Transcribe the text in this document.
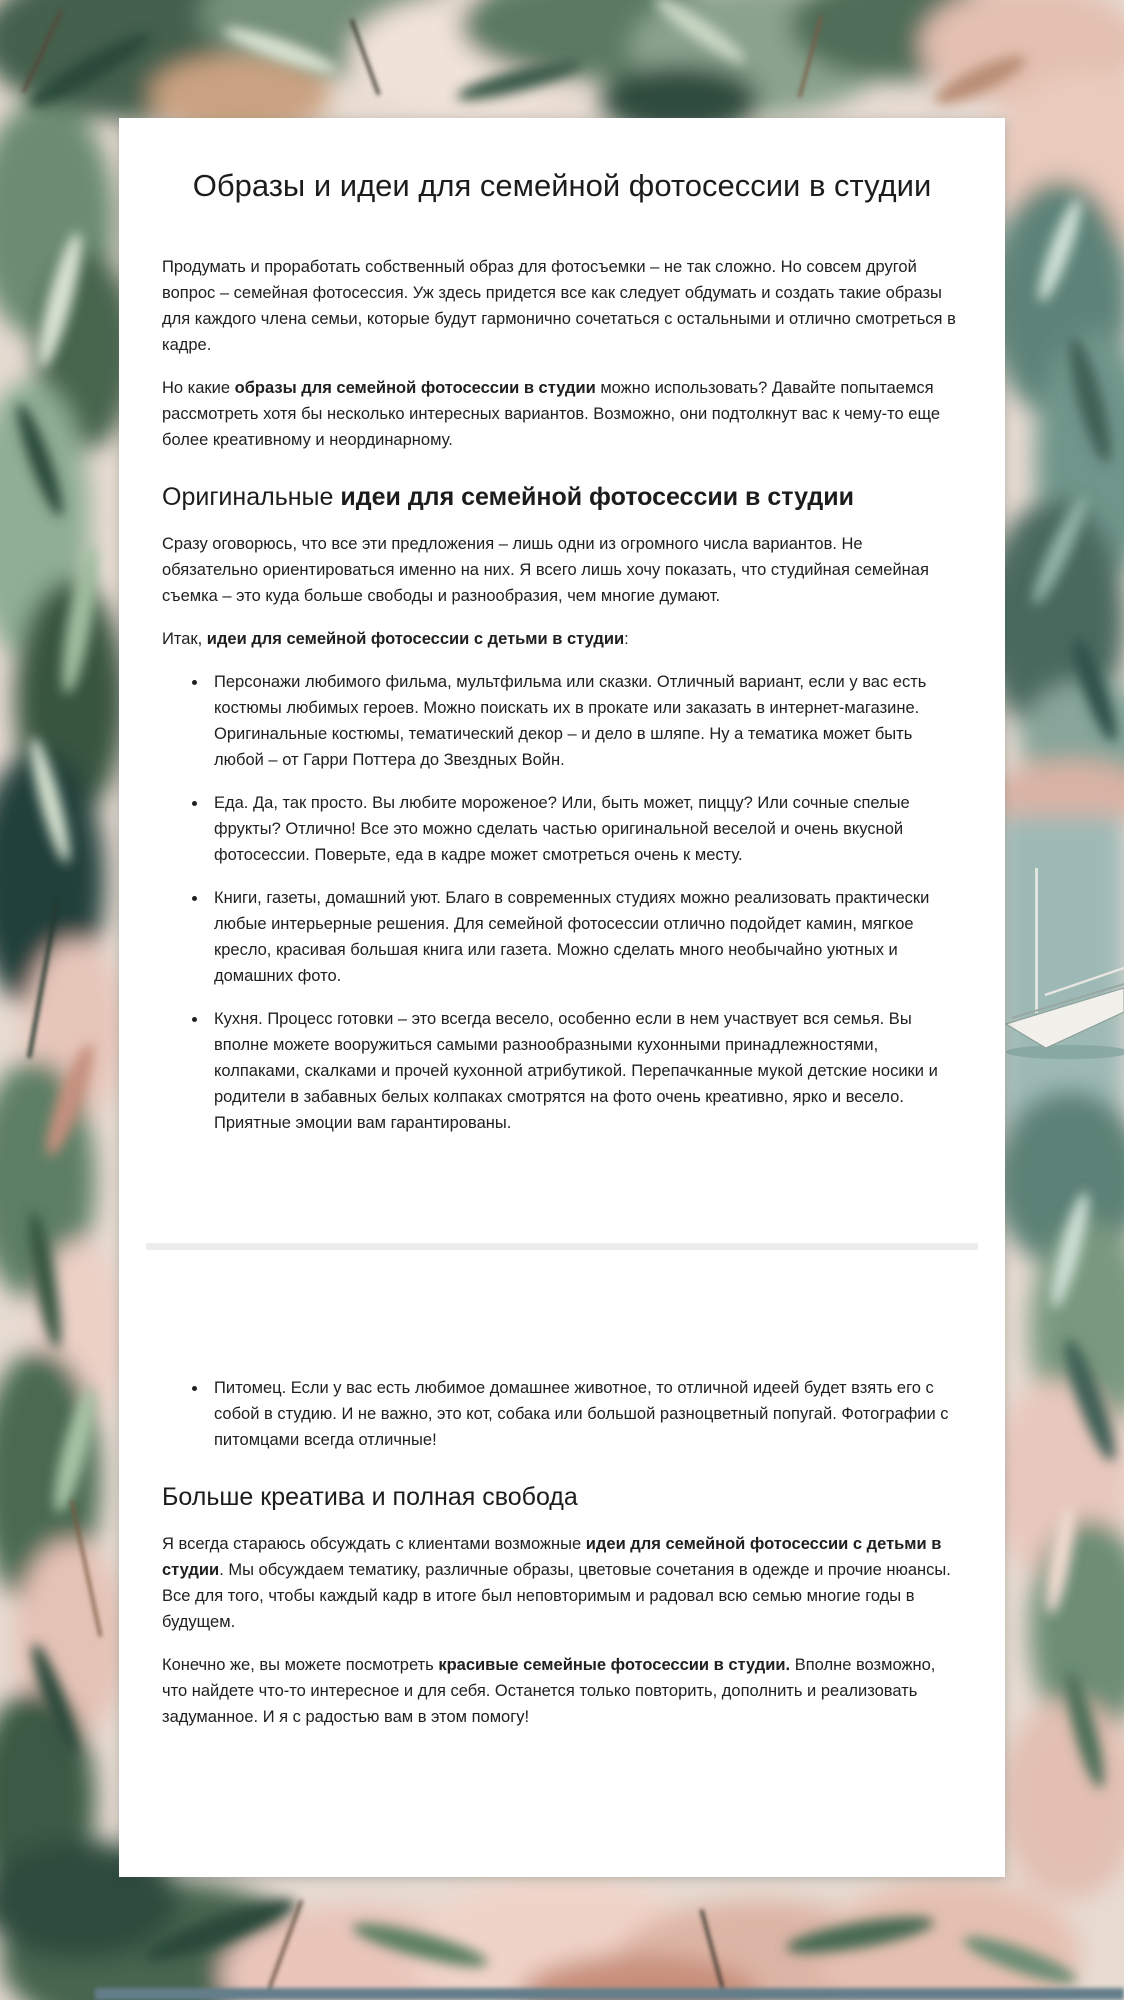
Образы и идеи для семейной фотосессии в студии

Продумать и проработать собственный образ для фотосъемки – не так сложно. Но совсем другой вопрос – семейная фотосессия. Уж здесь придется все как следует обдумать и создать такие образы для каждого члена семьи, которые будут гармонично сочетаться с остальными и отлично смотреться в кадре.

Но какие образы для семейной фотосессии в студии можно использовать? Давайте попытаемся рассмотреть хотя бы несколько интересных вариантов. Возможно, они подтолкнут вас к чему-то еще более креативному и неординарному.

Оригинальные идеи для семейной фотосессии в студии

Сразу оговорюсь, что все эти предложения – лишь одни из огромного числа вариантов. Не обязательно ориентироваться именно на них. Я всего лишь хочу показать, что студийная семейная съемка – это куда больше свободы и разнообразия, чем многие думают.

Итак, идеи для семейной фотосессии с детьми в студии:

• Персонажи любимого фильма, мультфильма или сказки. Отличный вариант, если у вас есть костюмы любимых героев. Можно поискать их в прокате или заказать в интернет-магазине. Оригинальные костюмы, тематический декор – и дело в шляпе. Ну а тематика может быть любой – от Гарри Поттера до Звездных Войн.
• Еда. Да, так просто. Вы любите мороженое? Или, быть может, пиццу? Или сочные спелые фрукты? Отлично! Все это можно сделать частью оригинальной веселой и очень вкусной фотосессии. Поверьте, еда в кадре может смотреться очень к месту.
• Книги, газеты, домашний уют. Благо в современных студиях можно реализовать практически любые интерьерные решения. Для семейной фотосессии отлично подойдет камин, мягкое кресло, красивая большая книга или газета. Можно сделать много необычайно уютных и домашних фото.
• Кухня. Процесс готовки – это всегда весело, особенно если в нем участвует вся семья. Вы вполне можете вооружиться самыми разнообразными кухонными принадлежностями, колпаками, скалками и прочей кухонной атрибутикой. Перепачканные мукой детские носики и родители в забавных белых колпаках смотрятся на фото очень креативно, ярко и весело. Приятные эмоции вам гарантированы.
• Питомец. Если у вас есть любимое домашнее животное, то отличной идеей будет взять его с собой в студию. И не важно, это кот, собака или большой разноцветный попугай. Фотографии с питомцами всегда отличные!
Больше креатива и полная свобода

Я всегда стараюсь обсуждать с клиентами возможные идеи для семейной фотосессии с детьми в студии. Мы обсуждаем тематику, различные образы, цветовые сочетания в одежде и прочие нюансы. Все для того, чтобы каждый кадр в итоге был неповторимым и радовал всю семью многие годы в будущем.

Конечно же, вы можете посмотреть красивые семейные фотосессии в студии. Вполне возможно, что найдете что-то интересное и для себя. Останется только повторить, дополнить и реализовать задуманное. И я с радостью вам в этом помогу!
